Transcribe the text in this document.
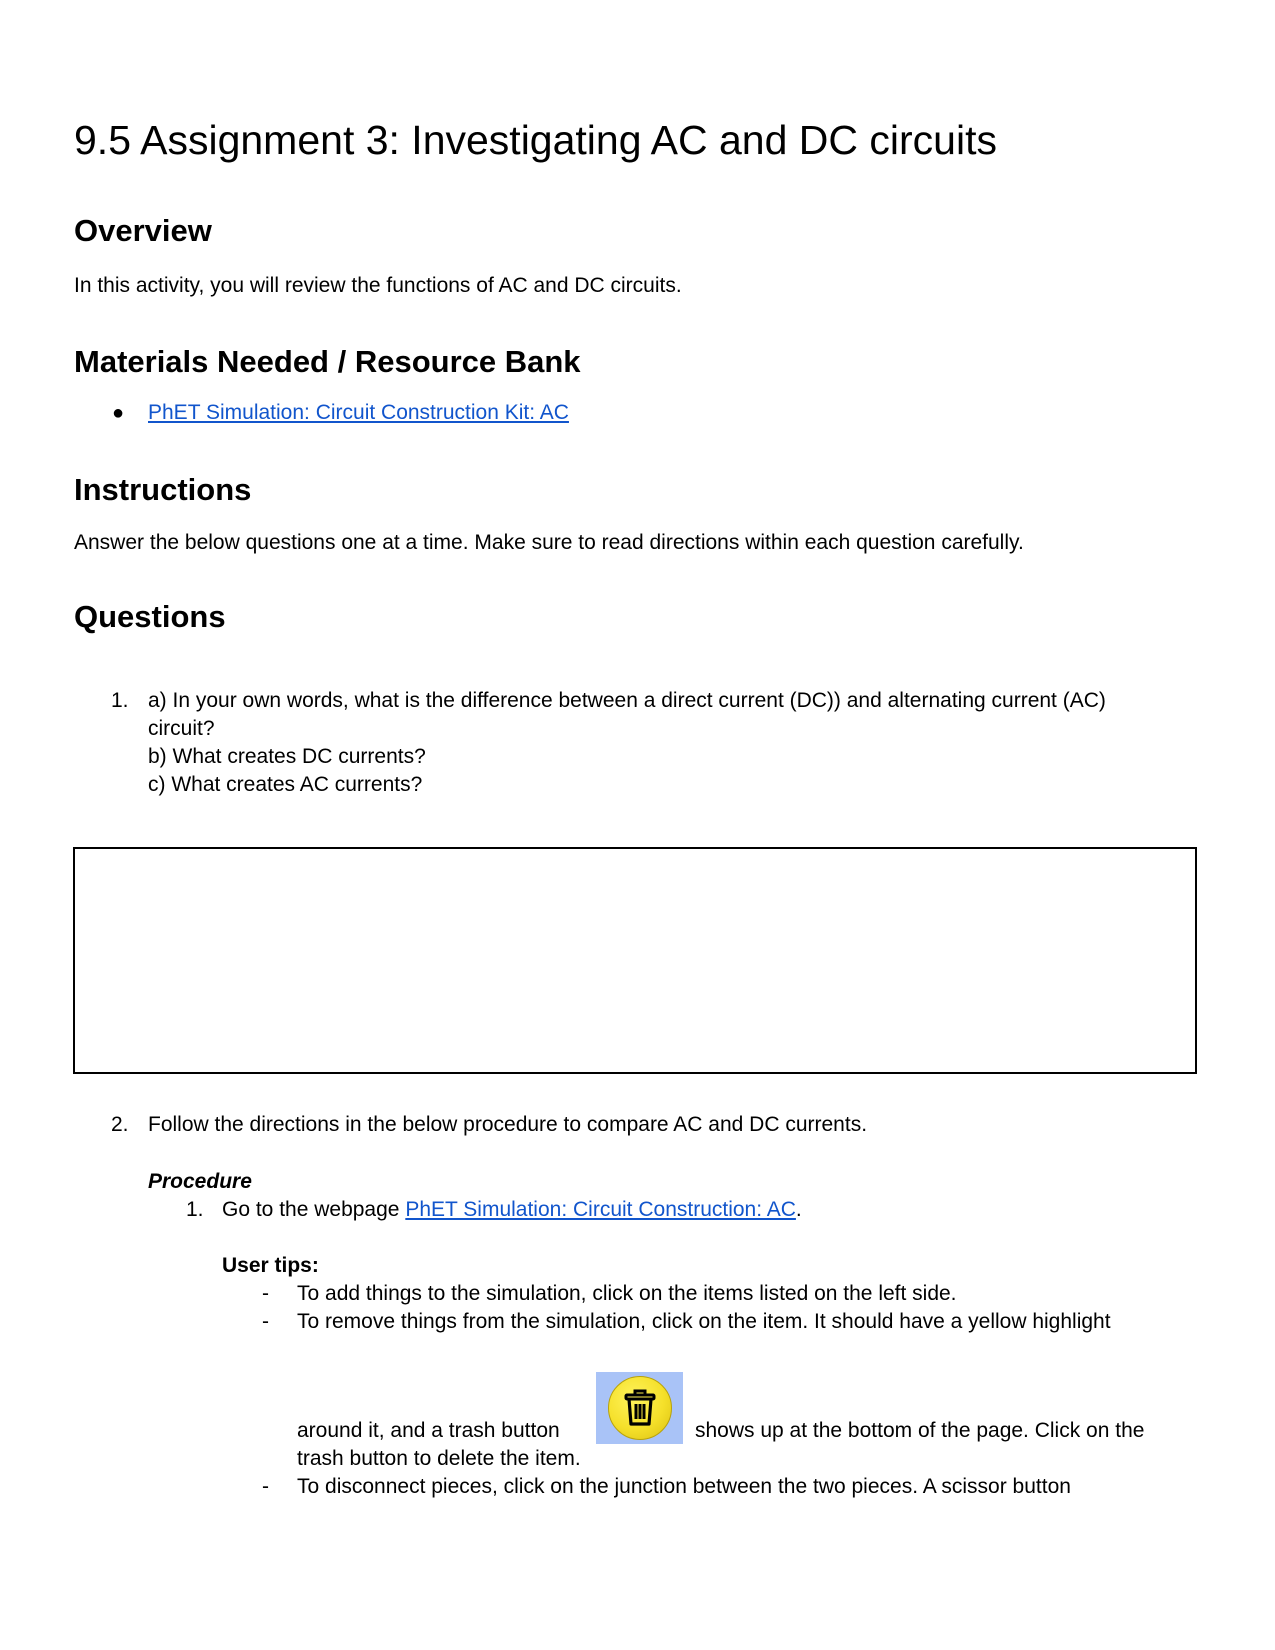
9.5 Assignment 3: Investigating AC and DC circuits
Overview
In this activity, you will review the functions of AC and DC circuits.
Materials Needed / Resource Bank
● PhET Simulation: Circuit Construction Kit: AC
Instructions
Answer the below questions one at a time. Make sure to read directions within each question carefully.
Questions
1. a) In your own words, what is the difference between a direct current (DC)) and alternating current (AC)
circuit?
b) What creates DC currents?
c) What creates AC currents?
2. Follow the directions in the below procedure to compare AC and DC currents.
Procedure
1. Go to the webpage PhET Simulation: Circuit Construction: AC.
User tips:
- To add things to the simulation, click on the items listed on the left side.
- To remove things from the simulation, click on the item. It should have a yellow highlight
around it, and a trash button	shows up at the bottom of the page. Click on the
trash button to delete the item.
- To disconnect pieces, click on the junction between the two pieces. A scissor button
